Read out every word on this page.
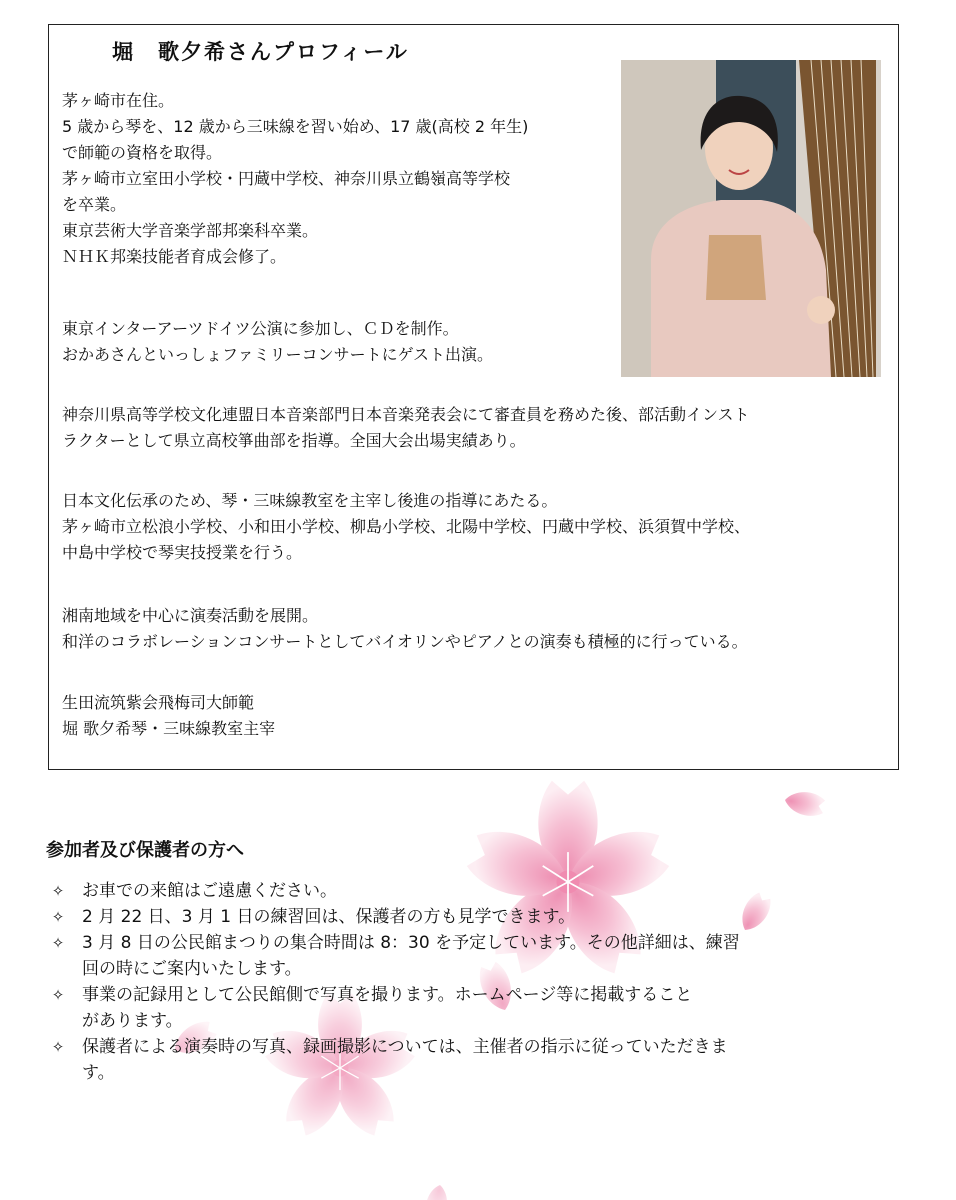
堀　歌夕希さんプロフィール
茅ヶ崎市在住。
5 歳から琴を、12 歳から三味線を習い始め、17 歳(高校 2 年生)
で師範の資格を取得。
茅ヶ崎市立室田小学校・円蔵中学校、神奈川県立鶴嶺高等学校
を卒業。
東京芸術大学音楽学部邦楽科卒業。
ＮＨＫ邦楽技能者育成会修了。
東京インターアーツドイツ公演に参加し、ＣＤを制作。
おかあさんといっしょファミリーコンサートにゲスト出演。
神奈川県高等学校文化連盟日本音楽部門日本音楽発表会にて審査員を務めた後、部活動インスト
ラクターとして県立高校箏曲部を指導。全国大会出場実績あり。
日本文化伝承のため、琴・三味線教室を主宰し後進の指導にあたる。
茅ヶ崎市立松浪小学校、小和田小学校、柳島小学校、北陽中学校、円蔵中学校、浜須賀中学校、
中島中学校で琴実技授業を行う。
湘南地域を中心に演奏活動を展開。
和洋のコラボレーションコンサートとしてバイオリンやピアノとの演奏も積極的に行っている。
生田流筑紫会飛梅司大師範
堀 歌夕希琴・三味線教室主宰
参加者及び保護者の方へ
✧	お車での来館はご遠慮ください。
✧	2 月 22 日、3 月 1 日の練習回は、保護者の方も見学できます。
✧	3 月 8 日の公民館まつりの集合時間は 8：30 を予定しています。その他詳細は、練習
回の時にご案内いたします。
✧	事業の記録用として公民館側で写真を撮ります。ホームページ等に掲載すること
があります。
✧	保護者による演奏時の写真、録画撮影については、主催者の指示に従っていただきま
す。
